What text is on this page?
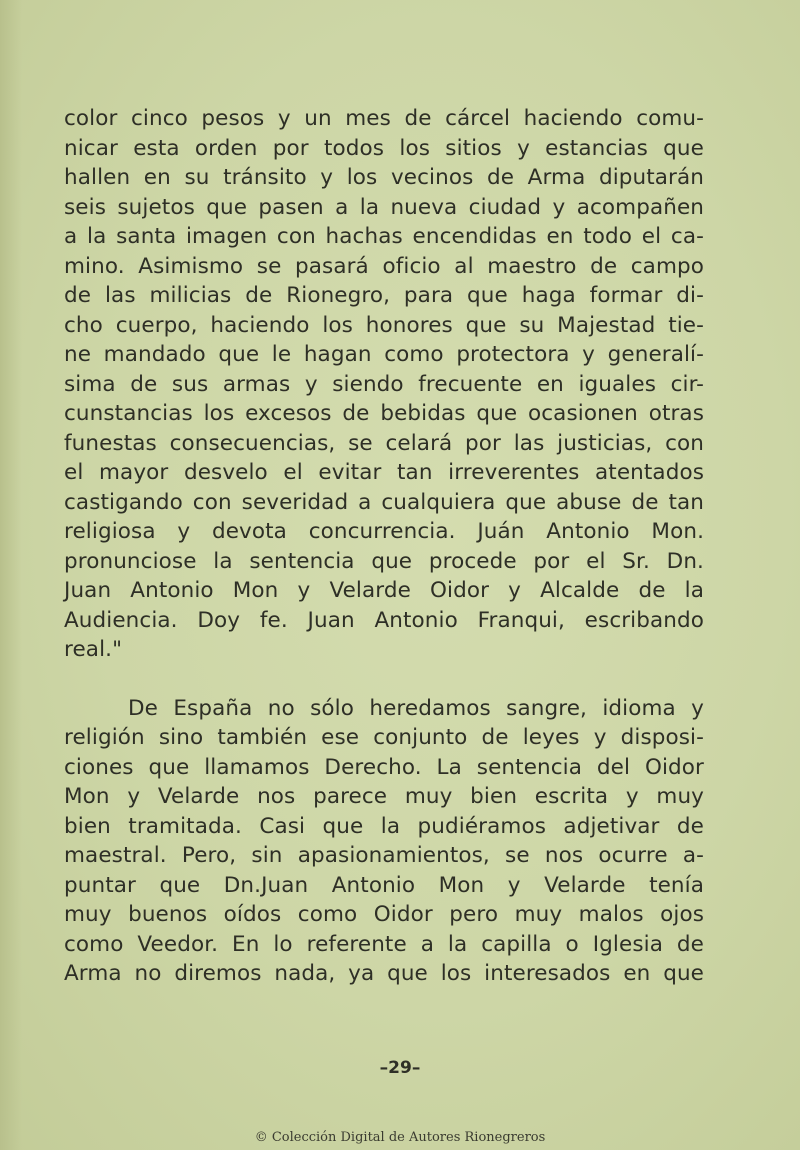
color cinco pesos y un mes de cárcel haciendo comu-
nicar esta orden por todos los sitios y estancias que
hallen en su tránsito y los vecinos de Arma diputarán
seis sujetos que pasen a la nueva ciudad y acompañen
a la santa imagen con hachas encendidas en todo el ca-
mino. Asimismo se pasará oficio al maestro de campo
de las milicias de Rionegro, para que haga formar di-
cho cuerpo, haciendo los honores que su Majestad tie-
ne mandado que le hagan como protectora y generalí-
sima de sus armas y siendo frecuente en iguales cir-
cunstancias los excesos de bebidas que ocasionen otras
funestas consecuencias, se celará por las justicias, con
el mayor desvelo el evitar tan irreverentes atentados
castigando con severidad a cualquiera que abuse de tan
religiosa y devota concurrencia. Juán Antonio Mon.
pronunciose la sentencia que procede por el Sr. Dn.
Juan Antonio Mon y Velarde Oidor y Alcalde de la
Audiencia. Doy fe. Juan Antonio Franqui, escribando
real."
De España no sólo heredamos sangre, idioma y
religión sino también ese conjunto de leyes y disposi-
ciones que llamamos Derecho. La sentencia del Oidor
Mon y Velarde nos parece muy bien escrita y muy
bien tramitada. Casi que la pudiéramos adjetivar de
maestral. Pero, sin apasionamientos, se nos ocurre a-
puntar que Dn.Juan Antonio Mon y Velarde tenía
muy buenos oídos como Oidor pero muy malos ojos
como Veedor. En lo referente a la capilla o Iglesia de
Arma no diremos nada, ya que los interesados en que
–29–
© Colección Digital de Autores Rionegreros
